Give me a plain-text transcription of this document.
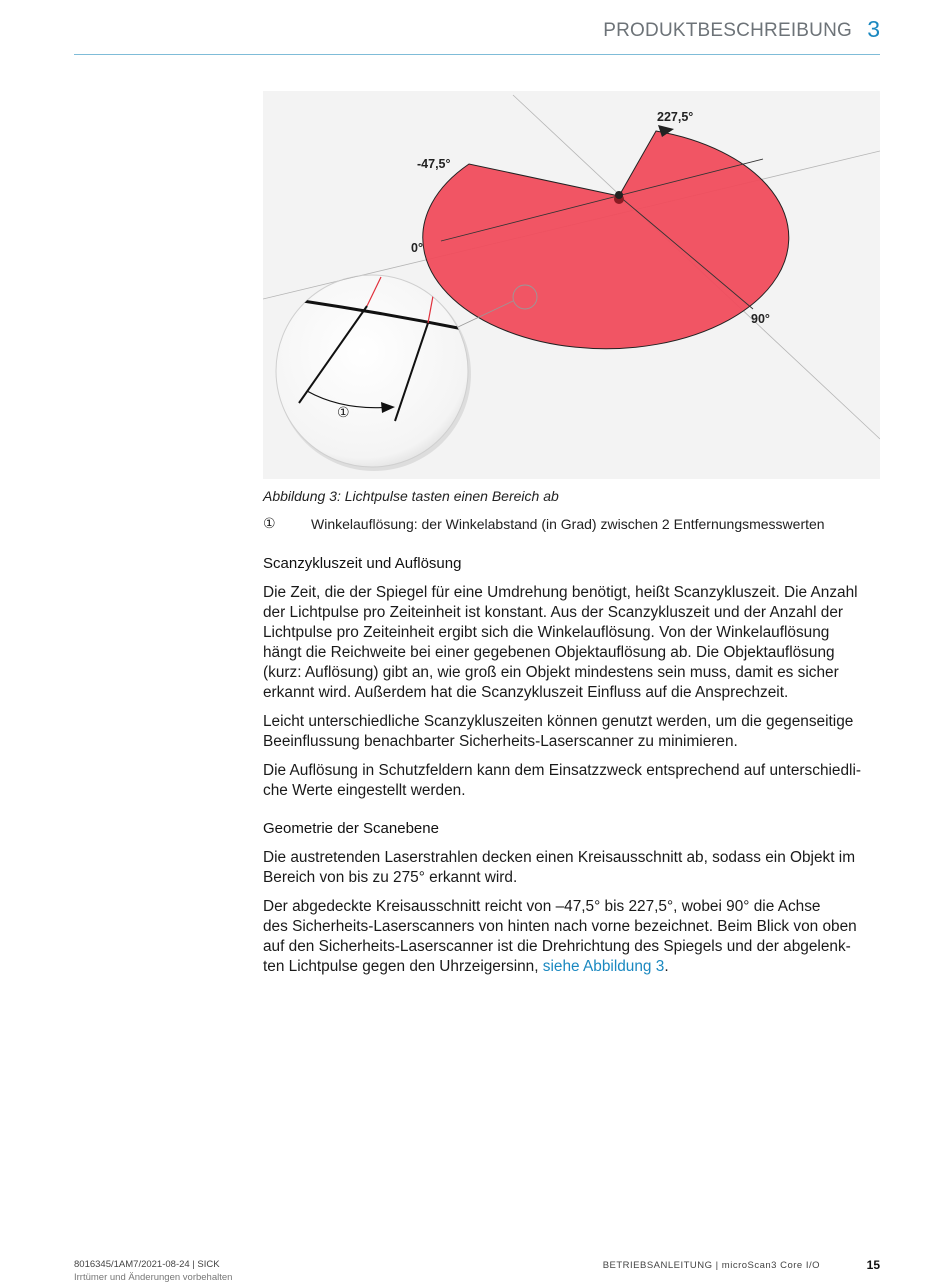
PRODUKTBESCHREIBUNG 3
227,5°
-47,5°
0°
90°
①
Abbildung 3: Lichtpulse tasten einen Bereich ab
①	Winkelauflösung: der Winkelabstand (in Grad) zwischen 2 Entfernungsmesswerten
Scanzykluszeit und Auflösung
Die Zeit, die der Spiegel für eine Umdrehung benötigt, heißt Scanzykluszeit. Die Anzahl
der Lichtpulse pro Zeiteinheit ist konstant. Aus der Scanzykluszeit und der Anzahl der
Lichtpulse pro Zeiteinheit ergibt sich die Winkelauflösung. Von der Winkelauflösung
hängt die Reichweite bei einer gegebenen Objektauflösung ab. Die Objektauflösung
(kurz: Auflösung) gibt an, wie groß ein Objekt mindestens sein muss, damit es sicher
erkannt wird. Außerdem hat die Scanzykluszeit Einfluss auf die Ansprechzeit.
Leicht unterschiedliche Scanzykluszeiten können genutzt werden, um die gegenseitige
Beeinflussung benachbarter Sicherheits-Laserscanner zu minimieren.
Die Auflösung in Schutzfeldern kann dem Einsatzzweck entsprechend auf unterschiedli-
che Werte eingestellt werden.
Geometrie der Scanebene
Die austretenden Laserstrahlen decken einen Kreisausschnitt ab, sodass ein Objekt im
Bereich von bis zu 275° erkannt wird.
Der abgedeckte Kreisausschnitt reicht von –47,5° bis 227,5°, wobei 90° die Achse
des Sicherheits-Laserscanners von hinten nach vorne bezeichnet. Beim Blick von oben
auf den Sicherheits-Laserscanner ist die Drehrichtung des Spiegels und der abgelenk-
ten Lichtpulse gegen den Uhrzeigersinn, siehe Abbildung 3.
8016345/1AM7/2021-08-24 | SICK
Irrtümer und Änderungen vorbehalten
BETRIEBSANLEITUNG | microScan3 Core I/O	15
